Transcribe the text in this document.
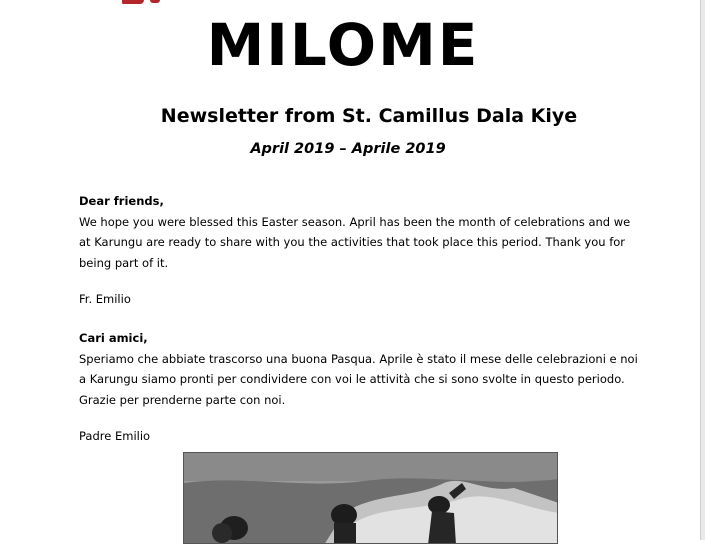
MILOME
Newsletter from St. Camillus Dala Kiye
April 2019 – Aprile 2019

Dear friends,

We hope you were blessed this Easter season. April has been the month of celebrations and we at Karungu are ready to share with you the activities that took place this period. Thank you for being part of it.

Fr. Emilio

Cari amici,

Speriamo che abbiate trascorso una buona Pasqua. Aprile è stato il mese delle celebrazioni e noi a Karungu siamo pronti per condividere con voi le attività che si sono svolte in questo periodo. Grazie per prenderne parte con noi.

Padre Emilio
